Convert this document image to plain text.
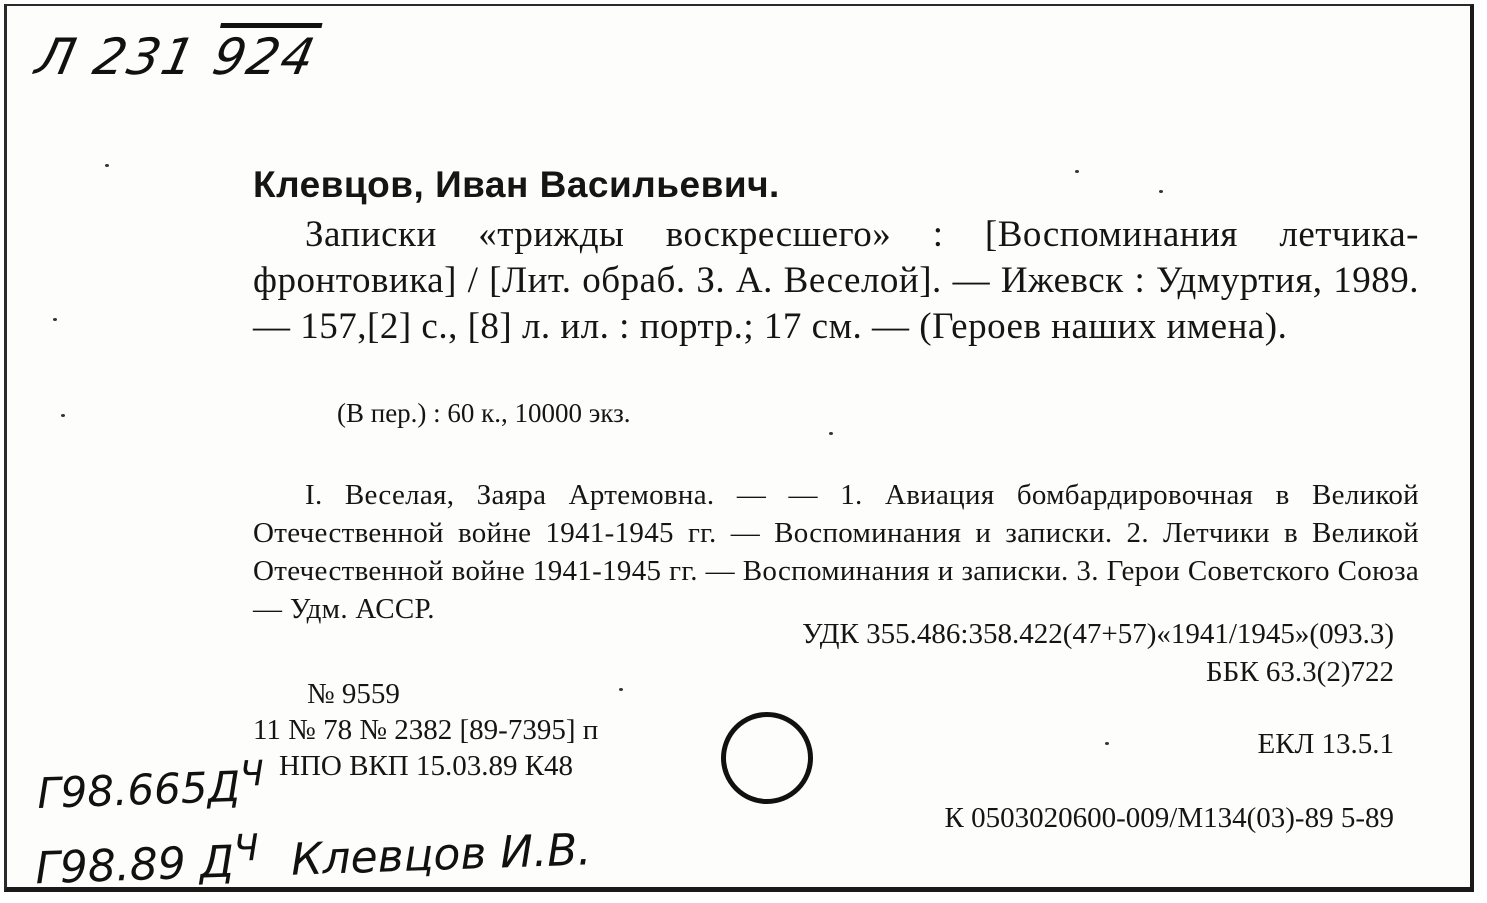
Л 231 924
Клевцов, Иван Васильевич.
Записки «трижды воскресшего» : [Воспоминания летчика-фронтовика] / [Лит. обраб. З. А. Веселой]. — Ижевск : Удмуртия, 1989. — 157,[2] с., [8] л. ил. : портр.; 17 см. — (Героев наших имена).
(В пер.) : 60 к., 10000 экз.
I. Веселая, Заяра Артемовна. — — 1. Авиация бомбардировочная в Великой Отечественной войне 1941-1945 гг. — Воспоминания и записки. 2. Летчики в Великой Отечественной войне 1941-1945 гг. — Воспоминания и записки. 3. Герои Советского Союза — Удм. АССР.
УДК 355.486:358.422(47+57)«1941/1945»(093.3)
ББК 63.3(2)722
№ 9559
11 № 78 № 2382 [89-7395] п
НПО ВКП 15.03.89 К48
ЕКЛ 13.5.1
К 0503020600-009/М134(03)-89 5-89
$Г98.665Д^Ч$
Г98.89 $Д^Ч$ Клевцов И.В.
